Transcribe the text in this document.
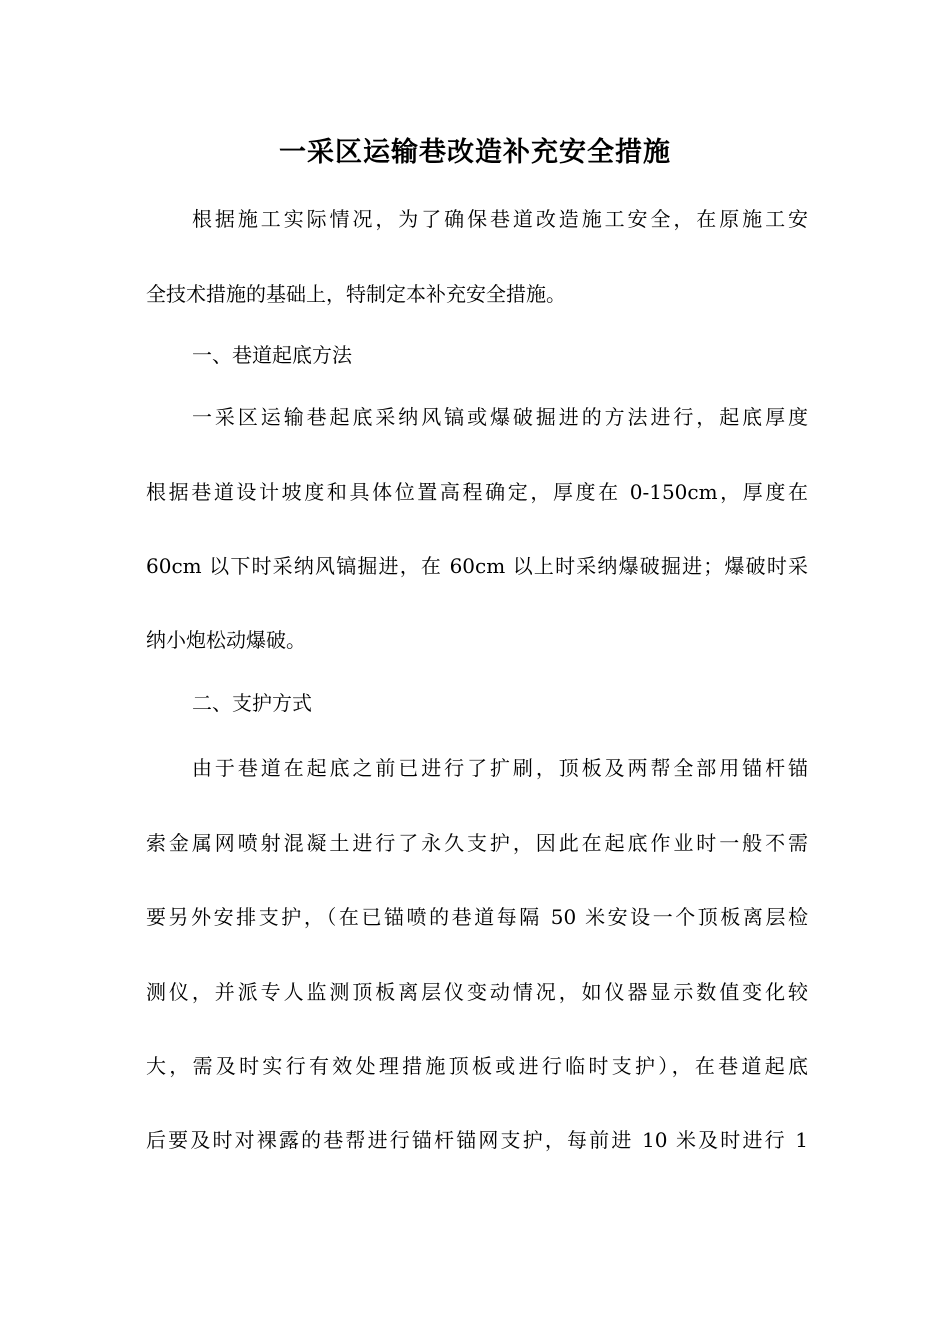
一采区运输巷改造补充安全措施
根据施工实际情况，为了确保巷道改造施工安全，在原施工安
全技术措施的基础上，特制定本补充安全措施。
一、巷道起底方法
一采区运输巷起底采纳风镐或爆破掘进的方法进行，起底厚度
根据巷道设计坡度和具体位置高程确定，厚度在 0-150cm，厚度在
60cm 以下时采纳风镐掘进，在 60cm 以上时采纳爆破掘进；爆破时采
纳小炮松动爆破。
二、支护方式
由于巷道在起底之前已进行了扩刷，顶板及两帮全部用锚杆锚
索金属网喷射混凝土进行了永久支护，因此在起底作业时一般不需
要另外安排支护，（在已锚喷的巷道每隔 50 米安设一个顶板离层检
测仪，并派专人监测顶板离层仪变动情况，如仪器显示数值变化较
大，需及时实行有效处理措施顶板或进行临时支护），在巷道起底
后要及时对裸露的巷帮进行锚杆锚网支护，每前进 10 米及时进行 1
